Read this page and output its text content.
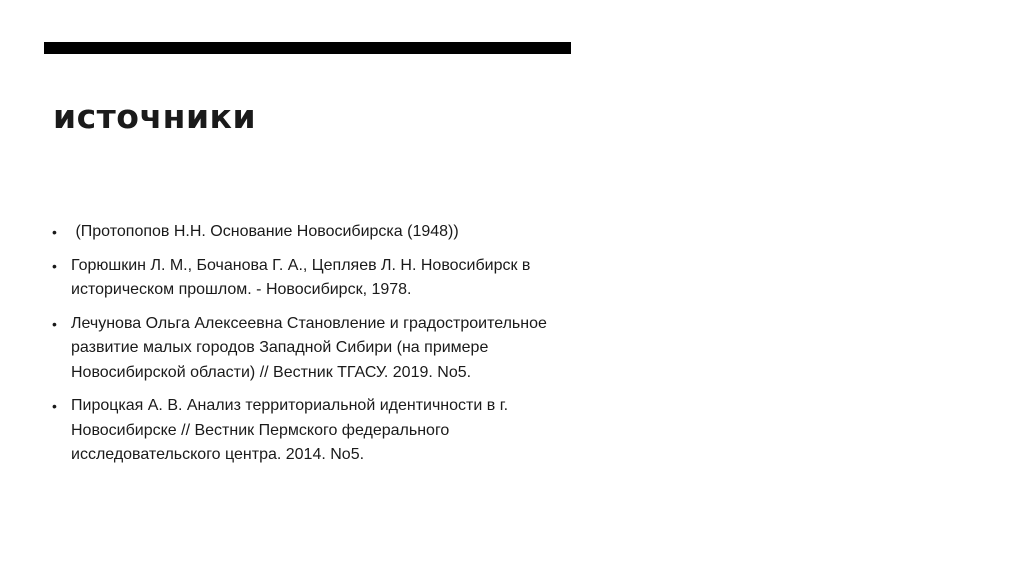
источники
• (Протопопов Н.Н. Основание Новосибирска (1948))
• Горюшкин Л. М., Бочанова Г. А., Цепляев Л. Н. Новосибирск в историческом прошлом. - Новосибирск, 1978.
• Лечунова Ольга Алексеевна Становление и градостроительное развитие малых городов Западной Сибири (на примере Новосибирской области) // Вестник ТГАСУ. 2019. No5.
• Пироцкая А. В. Анализ территориальной идентичности в г. Новосибирске // Вестник Пермского федерального исследовательского центра. 2014. No5.
